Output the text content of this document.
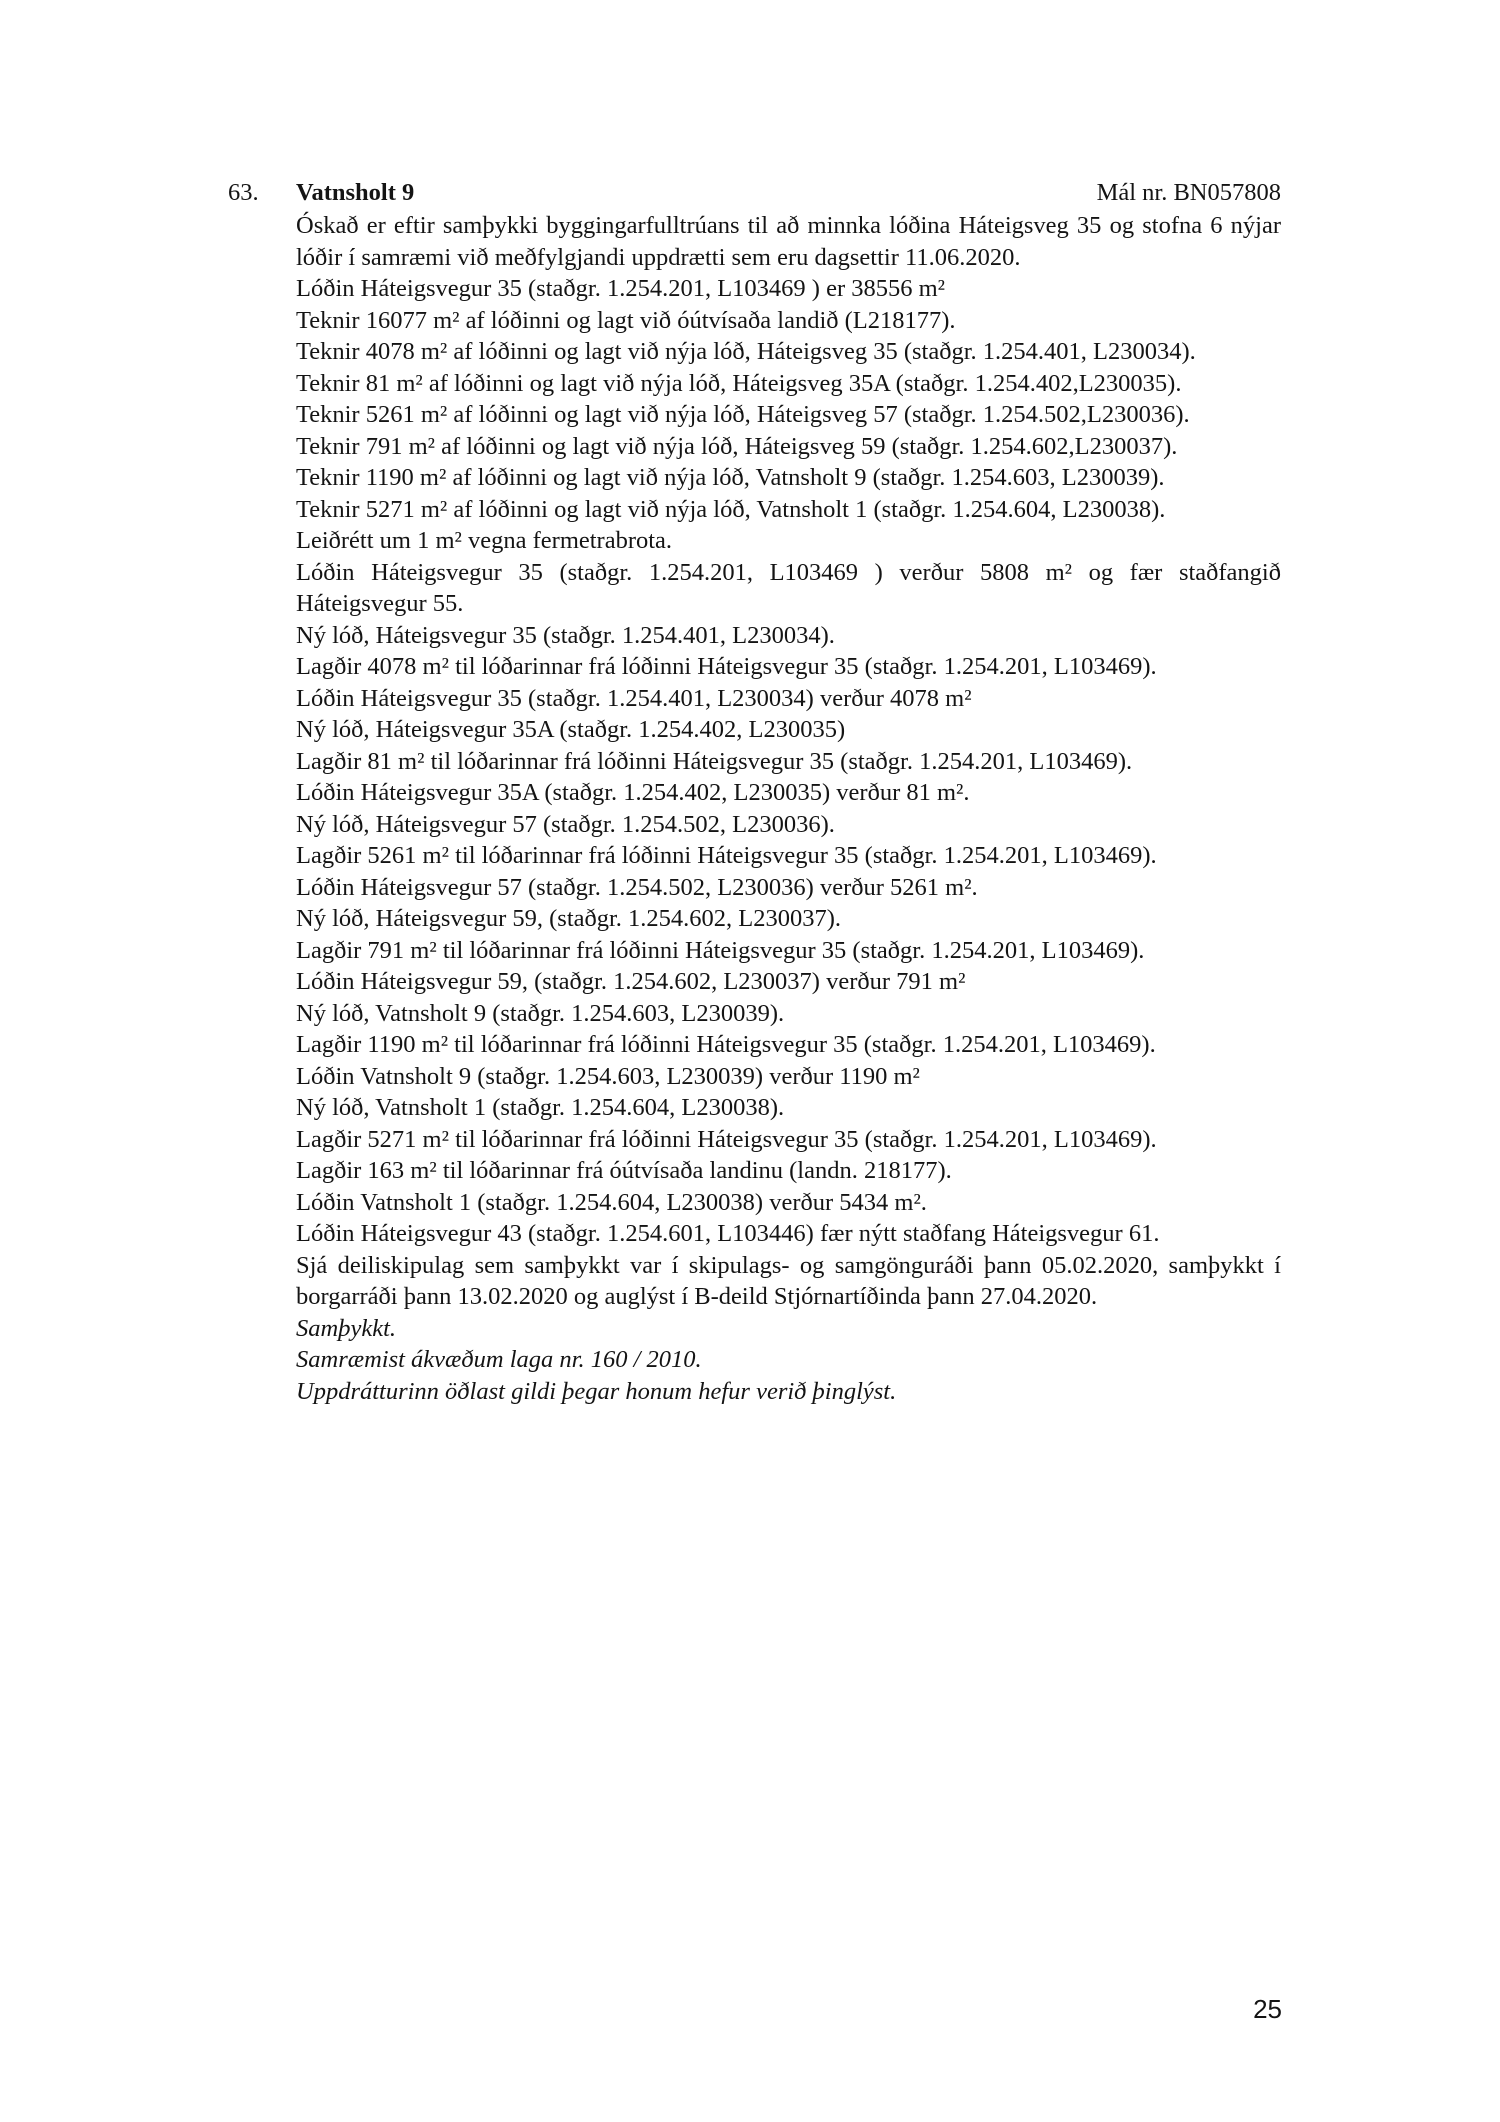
63. Vatnsholt 9	Mál nr. BN057808

Óskað er eftir samþykki byggingarfulltrúans til að minnka lóðina Háteigsveg 35 og stofna 6 nýjar lóðir í samræmi við meðfylgjandi uppdrætti sem eru dagsettir 11.06.2020.

Lóðin Háteigsvegur 35 (staðgr. 1.254.201, L103469 ) er 38556 m²

Teknir 16077 m² af lóðinni og lagt við óútvísaða landið (L218177).

Teknir 4078 m² af lóðinni og lagt við nýja lóð, Háteigsveg 35 (staðgr. 1.254.401, L230034).

Teknir 81 m² af lóðinni og lagt við nýja lóð, Háteigsveg 35A (staðgr. 1.254.402,L230035).

Teknir 5261 m² af lóðinni og lagt við nýja lóð, Háteigsveg 57 (staðgr. 1.254.502,L230036).

Teknir 791 m² af lóðinni og lagt við nýja lóð, Háteigsveg 59 (staðgr. 1.254.602,L230037).

Teknir 1190 m² af lóðinni og lagt við nýja lóð, Vatnsholt 9 (staðgr. 1.254.603, L230039).

Teknir 5271 m² af lóðinni og lagt við nýja lóð, Vatnsholt 1 (staðgr. 1.254.604, L230038).

Leiðrétt um 1 m² vegna fermetrabrota.

Lóðin Háteigsvegur 35 (staðgr. 1.254.201, L103469 ) verður 5808 m² og fær staðfangið Háteigsvegur 55.

Ný lóð, Háteigsvegur 35 (staðgr. 1.254.401, L230034).

Lagðir 4078 m² til lóðarinnar frá lóðinni Háteigsvegur 35 (staðgr. 1.254.201, L103469).

Lóðin Háteigsvegur 35 (staðgr. 1.254.401, L230034) verður 4078 m²

Ný lóð, Háteigsvegur 35A (staðgr. 1.254.402, L230035)

Lagðir 81 m² til lóðarinnar frá lóðinni Háteigsvegur 35 (staðgr. 1.254.201, L103469).

Lóðin Háteigsvegur 35A (staðgr. 1.254.402, L230035) verður 81 m².

Ný lóð, Háteigsvegur 57 (staðgr. 1.254.502, L230036).

Lagðir 5261 m² til lóðarinnar frá lóðinni Háteigsvegur 35 (staðgr. 1.254.201, L103469).

Lóðin Háteigsvegur 57 (staðgr. 1.254.502, L230036) verður 5261 m².

Ný lóð, Háteigsvegur 59, (staðgr. 1.254.602, L230037).

Lagðir 791 m² til lóðarinnar frá lóðinni Háteigsvegur 35 (staðgr. 1.254.201, L103469).

Lóðin Háteigsvegur 59, (staðgr. 1.254.602, L230037) verður 791 m²

Ný lóð, Vatnsholt 9 (staðgr. 1.254.603, L230039).

Lagðir 1190 m² til lóðarinnar frá lóðinni Háteigsvegur 35 (staðgr. 1.254.201, L103469).

Lóðin Vatnsholt 9 (staðgr. 1.254.603, L230039) verður 1190 m²

Ný lóð, Vatnsholt 1 (staðgr. 1.254.604, L230038).

Lagðir 5271 m² til lóðarinnar frá lóðinni Háteigsvegur 35 (staðgr. 1.254.201, L103469).

Lagðir 163 m² til lóðarinnar frá óútvísaða landinu (landn. 218177).

Lóðin Vatnsholt 1 (staðgr. 1.254.604, L230038) verður 5434 m².

Lóðin Háteigsvegur 43 (staðgr. 1.254.601, L103446) fær nýtt staðfang Háteigsvegur 61.

Sjá deiliskipulag sem samþykkt var í skipulags- og samgönguráði þann 05.02.2020, samþykkt í borgarráði þann 13.02.2020 og auglýst í B-deild Stjórnartíðinda þann 27.04.2020.

Samþykkt.

Samræmist ákvæðum laga nr. 160 / 2010.

Uppdrátturinn öðlast gildi þegar honum hefur verið þinglýst.

25
